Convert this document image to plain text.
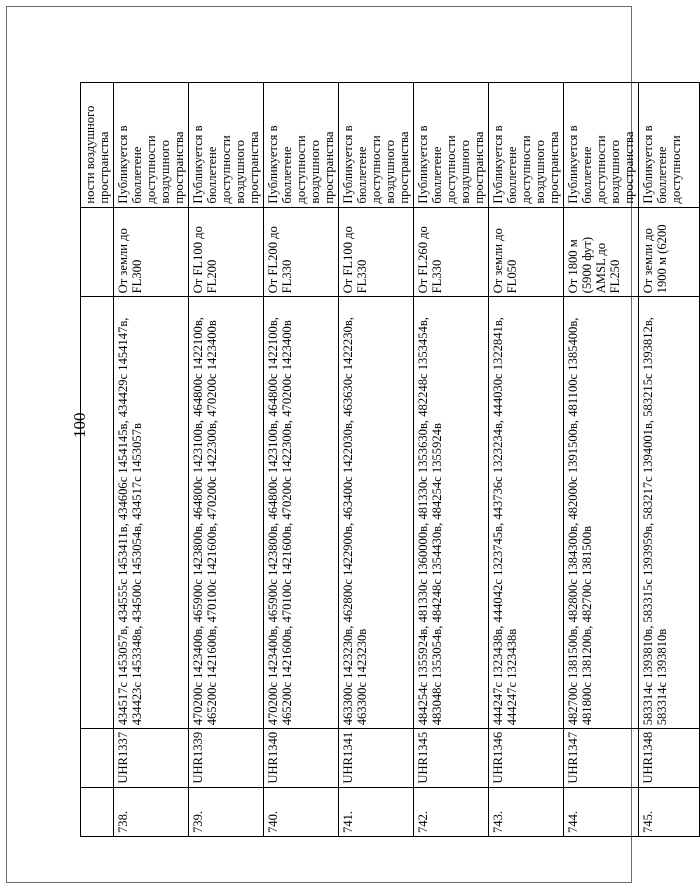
100

				ности воздушного пространства

738.	UHR1337	434517с 1453057в, 434555с 1453411в, 434606с 1454145в, 434429с 1454147в, 434423с 1453348в, 434500с 1453054в, 434517с 1453057в	От земли до FL300	Публикуется в бюллетене доступности воздушного пространства
739.	UHR1339	470200с 1423400в, 465900с 1423800в, 464800с 1423100в, 464800с 1422100в, 465200с 1421600в, 470100с 1421600в, 470200с 1422300в, 470200с 1423400в	От FL100 до FL200	Публикуется в бюллетене доступности воздушного пространства
740.	UHR1340	470200с 1423400в, 465900с 1423800в, 464800с 1423100в, 464800с 1422100в, 465200с 1421600в, 470100с 1421600в, 470200с 1422300в, 470200с 1423400в	От FL200 до FL330	Публикуется в бюллетене доступности воздушного пространства
741.	UHR1341	463300с 1423230в, 462800с 1422900в, 463400с 1422030в, 463630с 1422230в, 463300с 1423230в	От FL100 до FL330	Публикуется в бюллетене доступности воздушного пространства
742.	UHR1345	484254с 1355924в, 481330с 1360000в, 481330с 1353630в, 482248с 1353454в, 483048с 1353054в, 484248с 1354430в, 484254с 1355924в	От FL260 до FL330	Публикуется в бюллетене доступности воздушного пространства
743.	UHR1346	444247с 1323438в, 444042с 1323745в, 443736с 1323234в, 444030с 1322841в, 444247с 1323438в	От земли до FL050	Публикуется в бюллетене доступности воздушного пространства
744.	UHR1347	482700с 1381500в, 482800с 1384300в, 482000с 1391500в, 481100с 1385400в, 481800с 1381200в, 482700с 1381500в	От 1800 м (5900 фут) AMSL до FL250	Публикуется в бюллетене доступности воздушного пространства
745.	UHR1348	583314с 1393810в, 583315с 1393959в, 583217с 1394001в, 583215с 1393812в, 583314с 1393810в	От земли до 1900 м (6200	Публикуется в бюллетене доступности
